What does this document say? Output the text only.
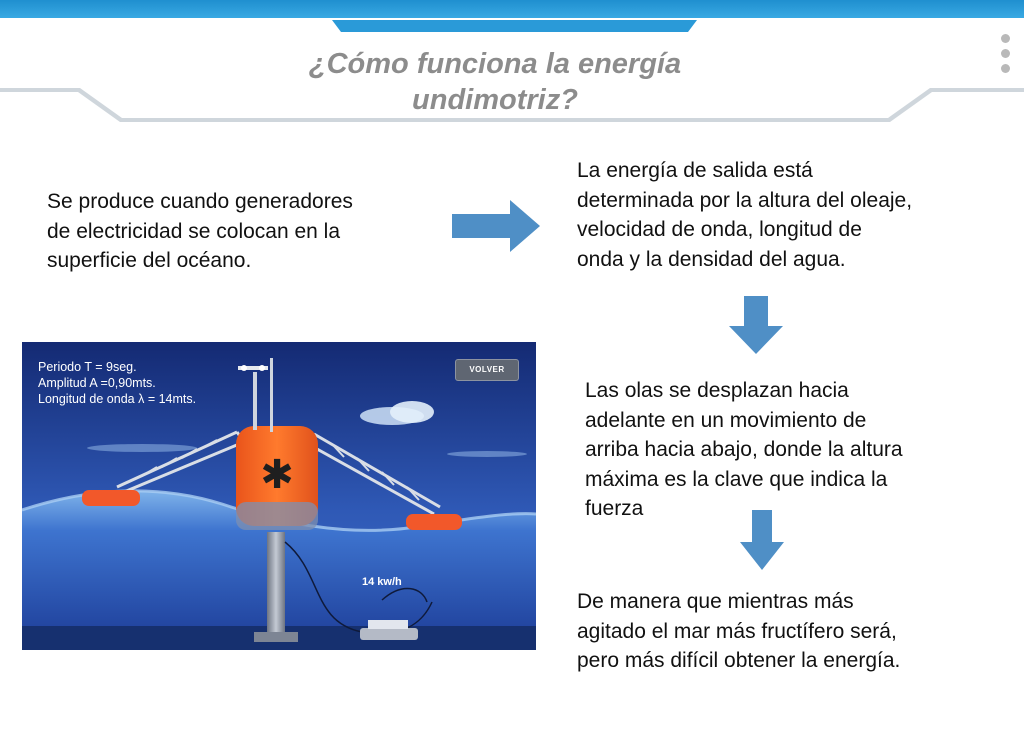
¿Cómo funciona la energía
undimotriz?
Se produce cuando generadores
de electricidad se colocan en la
superficie del océano.
La energía de salida está
determinada por la altura del oleaje,
velocidad de onda, longitud de
onda y la densidad del agua.
Las olas se desplazan hacia
adelante en un movimiento de
arriba hacia abajo, donde la altura
máxima es la clave que indica la
fuerza
De manera que mientras más
agitado el mar más fructífero será,
pero más difícil obtener la energía.
✱
Periodo T = 9seg.
Amplitud A =0,90mts.
Longitud de onda λ = 14mts.
VOLVER
14 kw/h
